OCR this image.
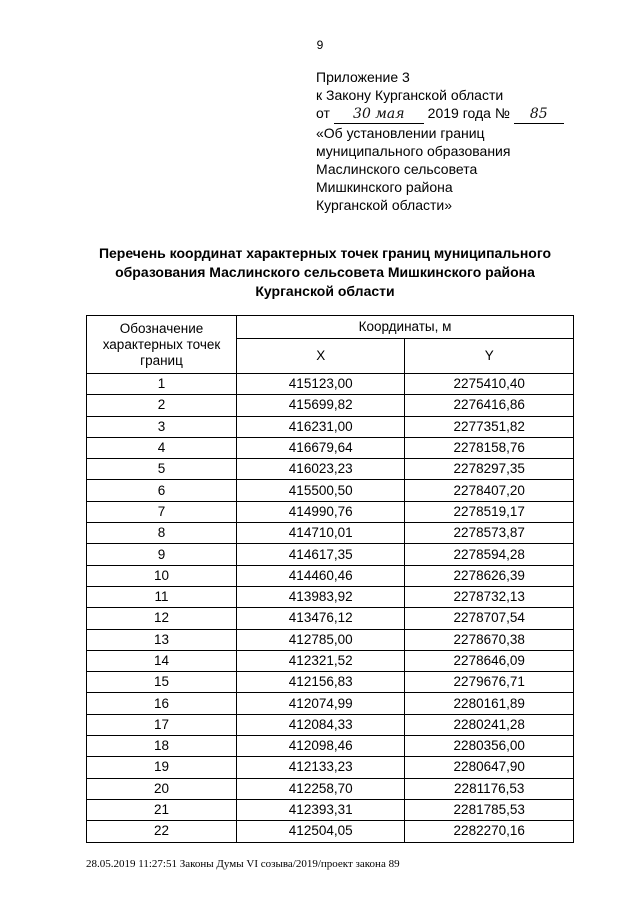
9
Приложение 3
к Закону Курганской области
от 30 мая 2019 года № 85
«Об установлении границ
муниципального образования
Маслинского сельсовета
Мишкинского района
Курганской области»
Перечень координат характерных точек границ муниципального
образования Маслинского сельсовета Мишкинского района
Курганской области
Обозначение
характерных точек
границ	Координаты, м	
	X	Y
1	415123,00	2275410,40
2	415699,82	2276416,86
3	416231,00	2277351,82
4	416679,64	2278158,76
5	416023,23	2278297,35
6	415500,50	2278407,20
7	414990,76	2278519,17
8	414710,01	2278573,87
9	414617,35	2278594,28
10	414460,46	2278626,39
11	413983,92	2278732,13
12	413476,12	2278707,54
13	412785,00	2278670,38
14	412321,52	2278646,09
15	412156,83	2279676,71
16	412074,99	2280161,89
17	412084,33	2280241,28
18	412098,46	2280356,00
19	412133,23	2280647,90
20	412258,70	2281176,53
21	412393,31	2281785,53
22	412504,05	2282270,16
28.05.2019 11:27:51 Законы Думы VI созыва/2019/проект закона 89
